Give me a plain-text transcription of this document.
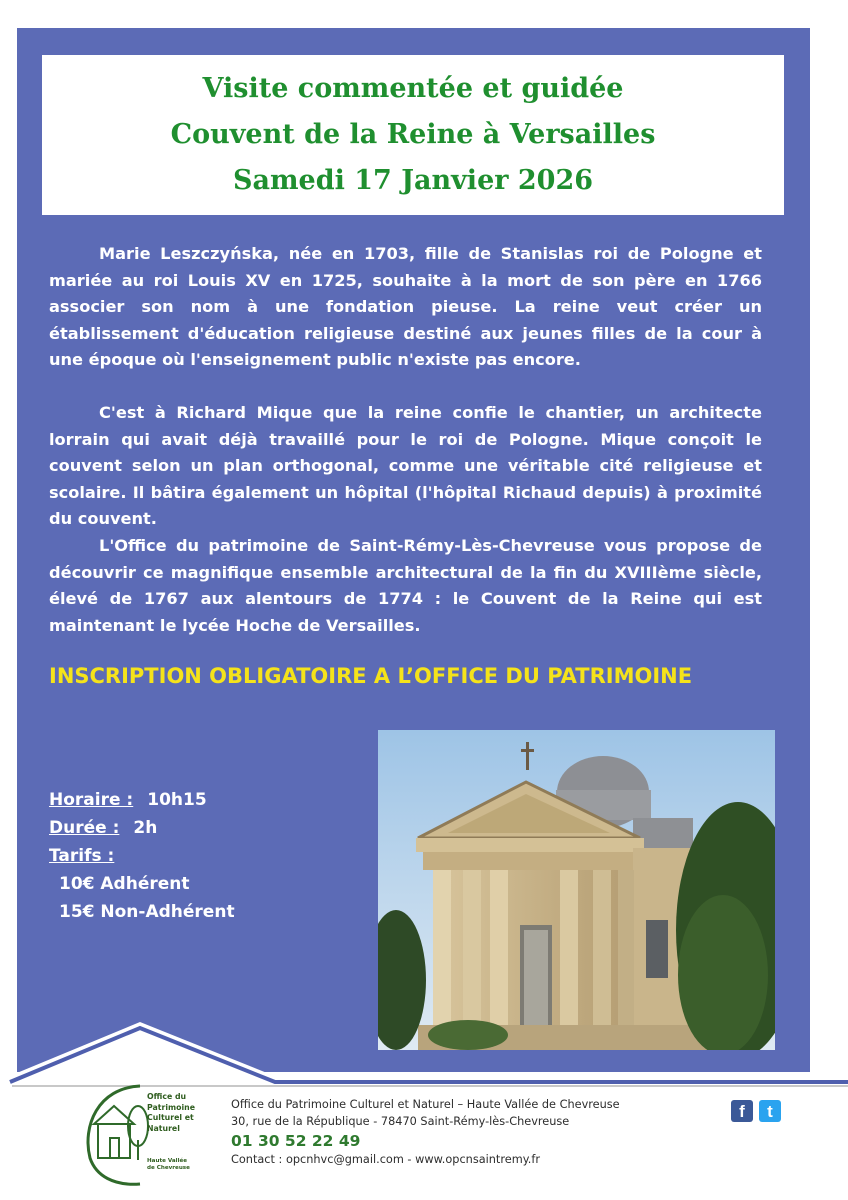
Visite commentée et guidée
Couvent de la Reine à Versailles
Samedi 17 Janvier 2026

Marie Leszczyńska, née en 1703, fille de Stanislas roi de Pologne et mariée au roi Louis XV en 1725, souhaite à la mort de son père en 1766 associer son nom à une fondation pieuse. La reine veut créer un établissement d'éducation religieuse destiné aux jeunes filles de la cour à une époque où l'enseignement public n'existe pas encore.

C'est à Richard Mique que la reine confie le chantier, un architecte lorrain qui avait déjà travaillé pour le roi de Pologne. Mique conçoit le couvent selon un plan orthogonal, comme une véritable cité religieuse et scolaire. Il bâtira également un hôpital (l'hôpital Richaud depuis) à proximité du couvent.

L'Office du patrimoine de Saint-Rémy-Lès-Chevreuse vous propose de découvrir ce magnifique ensemble architectural de la fin du XVIIIème siècle, élevé de 1767 aux alentours de 1774 : le Couvent de la Reine qui est maintenant le lycée Hoche de Versailles.

INSCRIPTION OBLIGATOIRE A L’OFFICE DU PATRIMOINE
Horaire : 10h15
Durée : 2h
Tarifs :
10€ Adhérent
15€ Non-Adhérent
Office du
Patrimoine
Culturel et
Naturel
Haute Vallée
de Chevreuse
Office du Patrimoine Culturel et Naturel – Haute Vallée de Chevreuse
30, rue de la République - 78470 Saint-Rémy-lès-Chevreuse
01 30 52 22 49
Contact : opcnhvc@gmail.com - www.opcnsaintremy.fr
f t
